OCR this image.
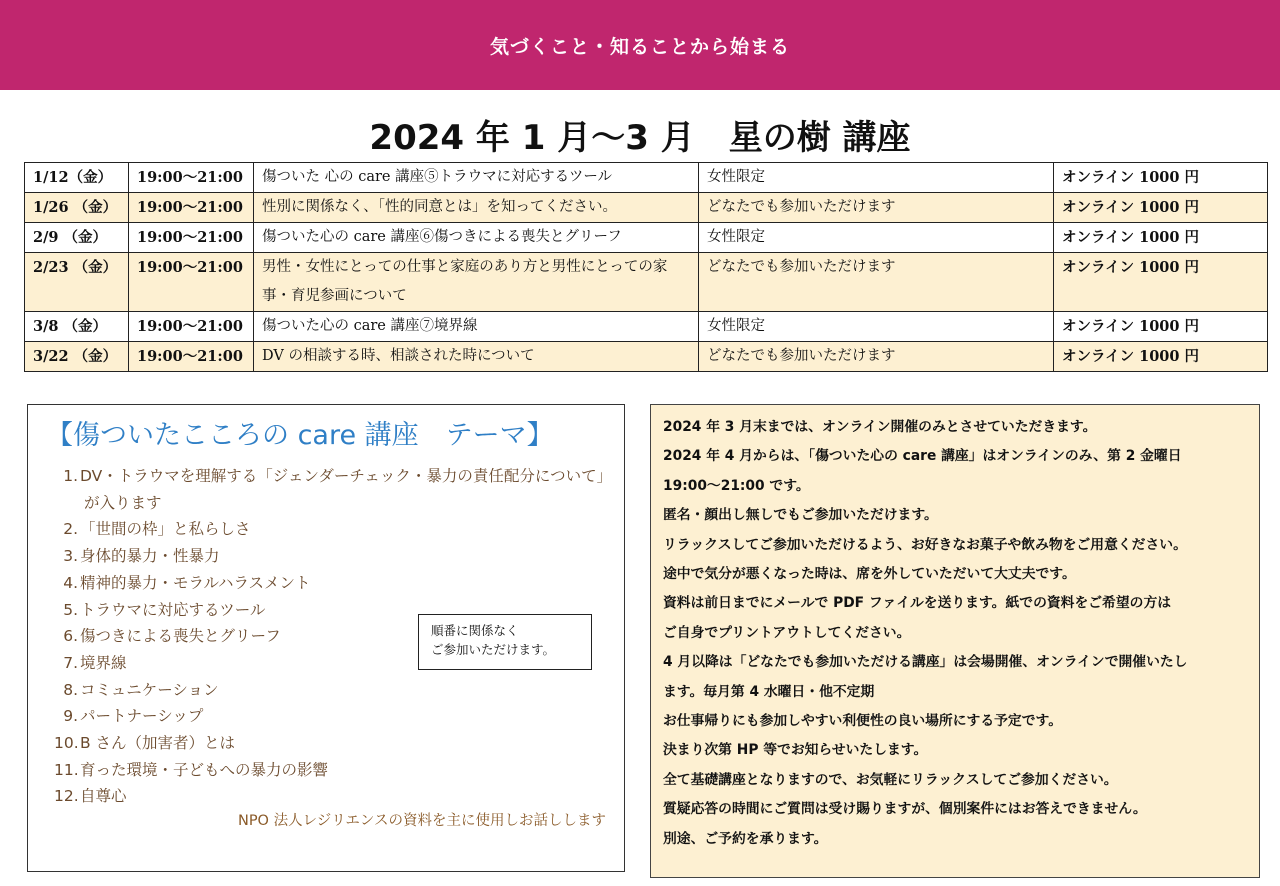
気づくこと・知ることから始まる
2024 年 1 月～3 月　星の樹 講座
1/12（金）	19:00～21:00	傷ついた 心の care 講座⑤トラウマに対応するツール	女性限定	オンライン 1000 円
1/26 （金）	19:00～21:00	性別に関係なく、「性的同意とは」を知ってください。	どなたでも参加いただけます	オンライン 1000 円
2/9 （金）	19:00～21:00	傷ついた心の care 講座⑥傷つきによる喪失とグリーフ	女性限定	オンライン 1000 円
2/23 （金）	19:00～21:00	男性・女性にとっての仕事と家庭のあり方と男性にとっての家事・育児参画について	どなたでも参加いただけます	オンライン 1000 円
3/8 （金）	19:00～21:00	傷ついた心の care 講座⑦境界線	女性限定	オンライン 1000 円
3/22 （金）	19:00～21:00	DV の相談する時、相談された時について	どなたでも参加いただけます	オンライン 1000 円
【傷ついたこころの care 講座　テーマ】
1. DV・トラウマを理解する「ジェンダーチェック・暴力の責任配分について」
が入ります
2. 「世間の枠」と私らしさ
3. 身体的暴力・性暴力
4. 精神的暴力・モラルハラスメント
5. トラウマに対応するツール
6. 傷つきによる喪失とグリーフ
7. 境界線
8. コミュニケーション
9. パートナーシップ
10.B さん（加害者）とは
11.育った環境・子どもへの暴力の影響
12.自尊心
NPO 法人レジリエンスの資料を主に使用しお話しします
順番に関係なく
ご参加いただけます。

2024 年 3 月末までは、オンライン開催のみとさせていただきます。

2024 年 4 月からは、「傷ついた心の care 講座」はオンラインのみ、第 2 金曜日

19:00～21:00 です。

匿名・顔出し無しでもご参加いただけます。

リラックスしてご参加いただけるよう、お好きなお菓子や飲み物をご用意ください。

途中で気分が悪くなった時は、席を外していただいて大丈夫です。

資料は前日までにメールで PDF ファイルを送ります。紙での資料をご希望の方は

ご自身でプリントアウトしてください。

4 月以降は「どなたでも参加いただける講座」は会場開催、オンラインで開催いたし

ます。毎月第 4 水曜日・他不定期

お仕事帰りにも参加しやすい利便性の良い場所にする予定です。

決まり次第 HP 等でお知らせいたします。

全て基礎講座となりますので、お気軽にリラックスしてご参加ください。

質疑応答の時間にご質問は受け賜りますが、個別案件にはお答えできません。

別途、ご予約を承ります。
